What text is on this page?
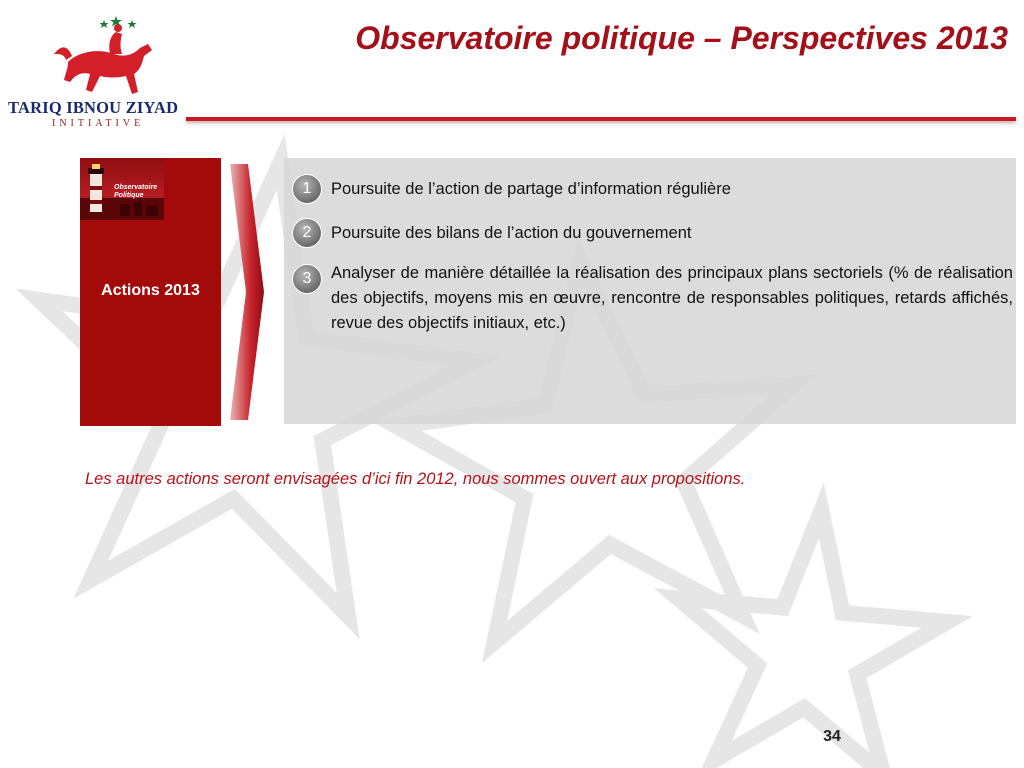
TARIQ IBNOU ZIYAD
INITIATIVE
Observatoire politique – Perspectives 2013
Observatoire
Politique
Actions 2013
1	Poursuite de l’action de partage d’information régulière
2	Poursuite des bilans de l’action du gouvernement
3	Analyser de manière détaillée la réalisation des principaux plans sectoriels (% de réalisation des objectifs, moyens mis en œuvre, rencontre de responsables politiques, retards affichés, revue des objectifs initiaux, etc.)
Les autres actions seront envisagées d’ici fin 2012, nous sommes ouvert aux propositions.
34
